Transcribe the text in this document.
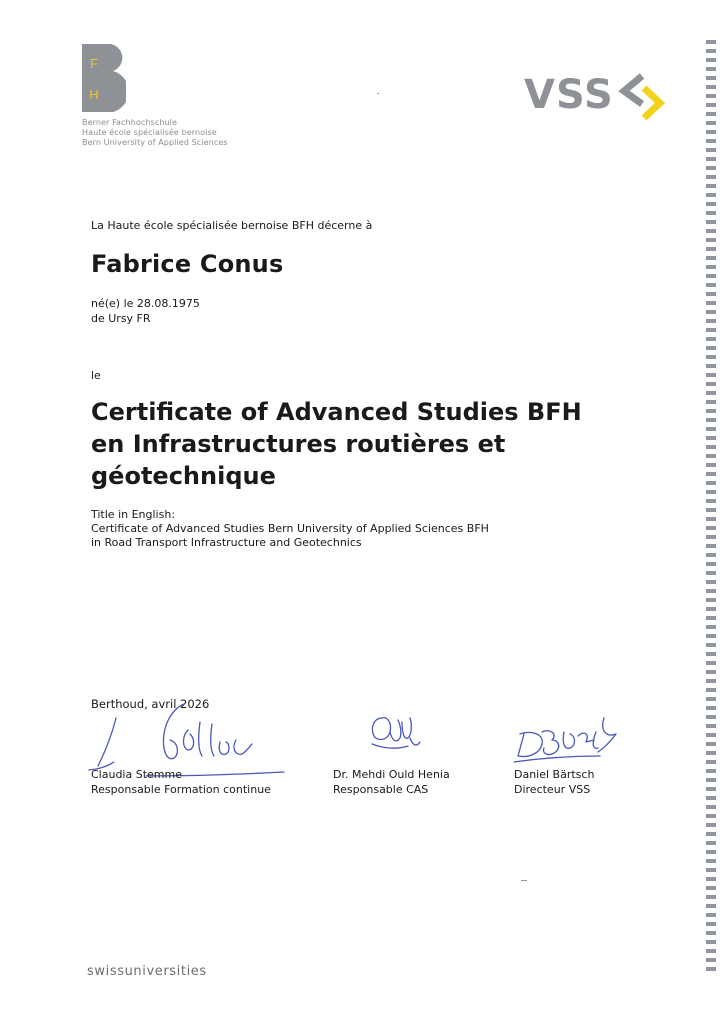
F
H
Berner Fachhochschule
Haute école spécialisée bernoise
Bern University of Applied Sciences
VSS
La Haute école spécialisée bernoise BFH décerne à
Fabrice Conus
né(e) le 28.08.1975
de Ursy FR
le
Certificate of Advanced Studies BFH
en Infrastructures routières et
géotechnique
Title in English:
Certificate of Advanced Studies Bern University of Applied Sciences BFH
in Road Transport Infrastructure and Geotechnics
Berthoud, avril 2026
Claudia Stemme
Responsable Formation continue
Dr. Mehdi Ould Henia
Responsable CAS
Daniel Bärtsch
Directeur VSS
swissuniversities
